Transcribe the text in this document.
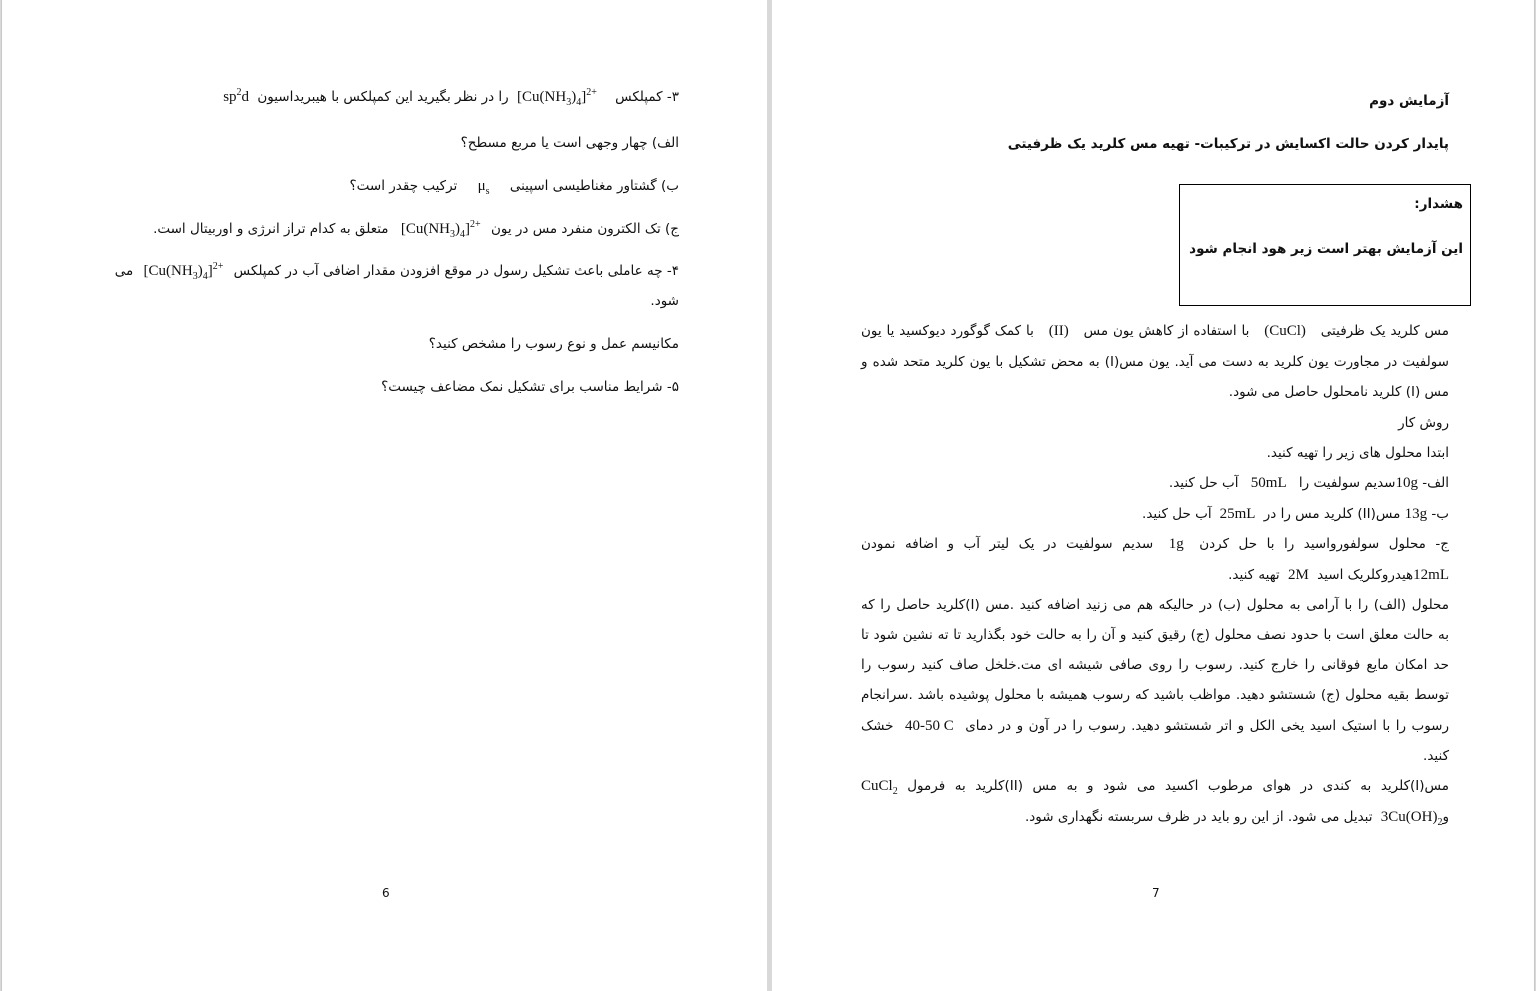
۳- کمپلکس $[Cu(NH_3)_4]^{2+}$ را در نظر بگیرید این کمپلکس با هیبریداسیون $sp^2d$
الف) چهار وجهی است یا مربع مسطح؟
ب) گشتاور مغناطیسی اسپینی $\mu_s$ ترکیب چقدر است؟
ج) تک الکترون منفرد مس در یون $[Cu(NH_3)_4]^{2+}$ متعلق به کدام تراز انرژی و اوربیتال است.
۴- چه عاملی باعث تشکیل رسول در موقع افزودن مقدار اضافی آب در کمپلکس $[Cu(NH_3)_4]^{2+}$ می
شود.
مکانیسم عمل و نوع رسوب را مشخص کنید؟
۵- شرایط مناسب برای تشکیل نمک مضاعف چیست؟
6
آزمایش دوم
پایدار کردن حالت اکسایش در ترکیبات- تهیه مس کلرید یک ظرفیتی
هشدار:
این آزمایش بهتر است زیر هود انجام شود
مس کلرید یک ظرفیتی (CuCl) با استفاده از کاهش یون مس (II) با کمک گوگورد دیوکسید یا یون
سولفیت در مجاورت یون کلرید به دست می آید. یون مس(I) به محض تشکیل با یون کلرید متحد شده و
مس (I) کلرید نامحلول حاصل می شود.
روش کار
ابتدا محلول های زیر را تهیه کنید.
الف- 10gسدیم سولفیت را 50mL آب حل کنید.
ب- 13g مس(II) کلرید مس را در 25mLآب حل کنید.
ج- محلول سولفورواسید را با حل کردن 1g سدیم سولفیت در یک لیتر آب و اضافه نمودن
12mLهیدروکلریک اسید 2M تهیه کنید.
محلول (الف) را با آرامی به محلول (ب) در حالیکه هم می زنید اضافه کنید .مس (I)کلرید حاصل را که
به حالت معلق است با حدود نصف محلول (ج) رقیق کنید و آن را به حالت خود بگذارید تا ته نشین شود تا
حد امکان مایع فوقانی را خارج کنید. رسوب را روی صافی شیشه ای مت.خلخل صاف کنید رسوب را
توسط بقیه محلول (ج) شستشو دهید. مواظب باشید که رسوب همیشه با محلول پوشیده باشد .سرانجام
رسوب را با استیک اسید یخی الکل و اتر شستشو دهید. رسوب را در آون و در دمای 40-50 C خشک
کنید.
مس(I)کلرید به کندی در هوای مرطوب اکسید می شود و به مس (II)کلرید به فرمول CuCl$_2$
$و3Cu(OH)_2$ تبدیل می شود. از این رو باید در ظرف سربسته نگهداری شود.
7
